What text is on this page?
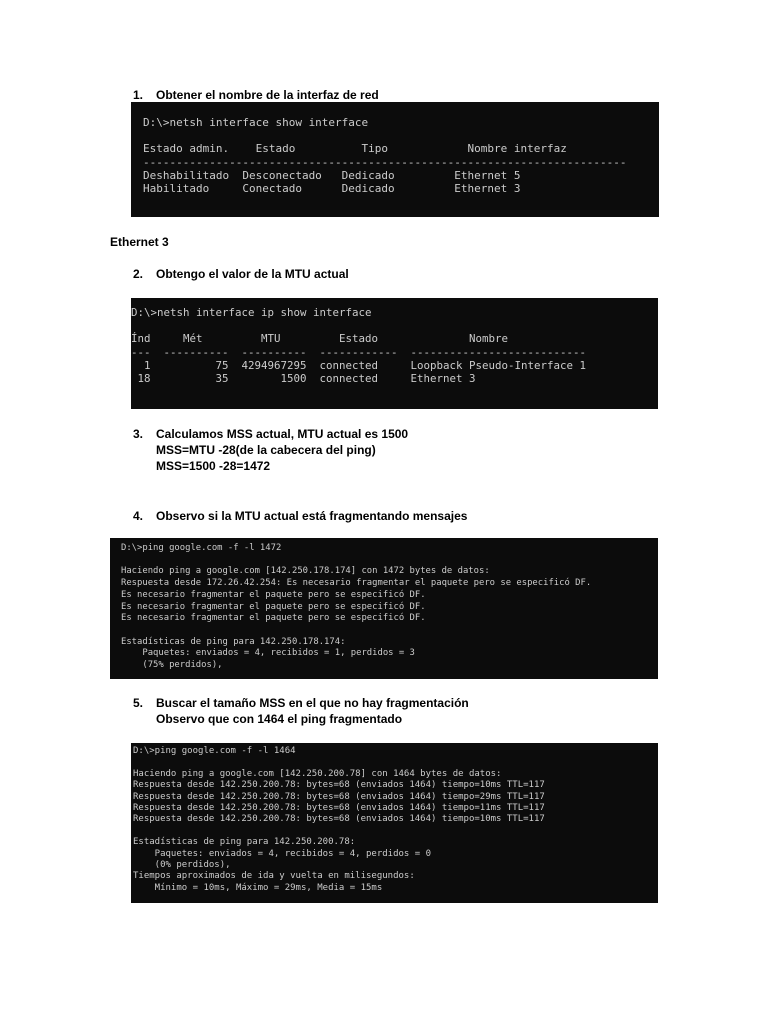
1. Obtener el nombre de la interfaz de red
D:\>netsh interface show interface

Estado admin.    Estado          Tipo            Nombre interfaz
-------------------------------------------------------------------------
Deshabilitado  Desconectado   Dedicado         Ethernet 5
Habilitado     Conectado      Dedicado         Ethernet 3
Ethernet 3
2. Obtengo el valor de la MTU actual
D:\>netsh interface ip show interface

Índ     Mét         MTU         Estado              Nombre
---  ----------  ----------  ------------  ---------------------------
1          75  4294967295  connected     Loopback Pseudo-Interface 1
18          35        1500  connected     Ethernet 3
3. Calculamos MSS actual, MTU actual es 1500
MSS=MTU -28(de la cabecera del ping)
MSS=1500 -28=1472
4. Observo si la MTU actual está fragmentando mensajes
D:\>ping google.com -f -l 1472

Haciendo ping a google.com [142.250.178.174] con 1472 bytes de datos:
Respuesta desde 172.26.42.254: Es necesario fragmentar el paquete pero se especificó DF.
Es necesario fragmentar el paquete pero se especificó DF.
Es necesario fragmentar el paquete pero se especificó DF.
Es necesario fragmentar el paquete pero se especificó DF.

Estadísticas de ping para 142.250.178.174:
Paquetes: enviados = 4, recibidos = 1, perdidos = 3
(75% perdidos),
5. Buscar el tamaño MSS en el que no hay fragmentación
Observo que con 1464 el ping fragmentado
D:\>ping google.com -f -l 1464

Haciendo ping a google.com [142.250.200.78] con 1464 bytes de datos:
Respuesta desde 142.250.200.78: bytes=68 (enviados 1464) tiempo=10ms TTL=117
Respuesta desde 142.250.200.78: bytes=68 (enviados 1464) tiempo=29ms TTL=117
Respuesta desde 142.250.200.78: bytes=68 (enviados 1464) tiempo=11ms TTL=117
Respuesta desde 142.250.200.78: bytes=68 (enviados 1464) tiempo=10ms TTL=117

Estadísticas de ping para 142.250.200.78:
Paquetes: enviados = 4, recibidos = 4, perdidos = 0
(0% perdidos),
Tiempos aproximados de ida y vuelta en milisegundos:
Mínimo = 10ms, Máximo = 29ms, Media = 15ms
